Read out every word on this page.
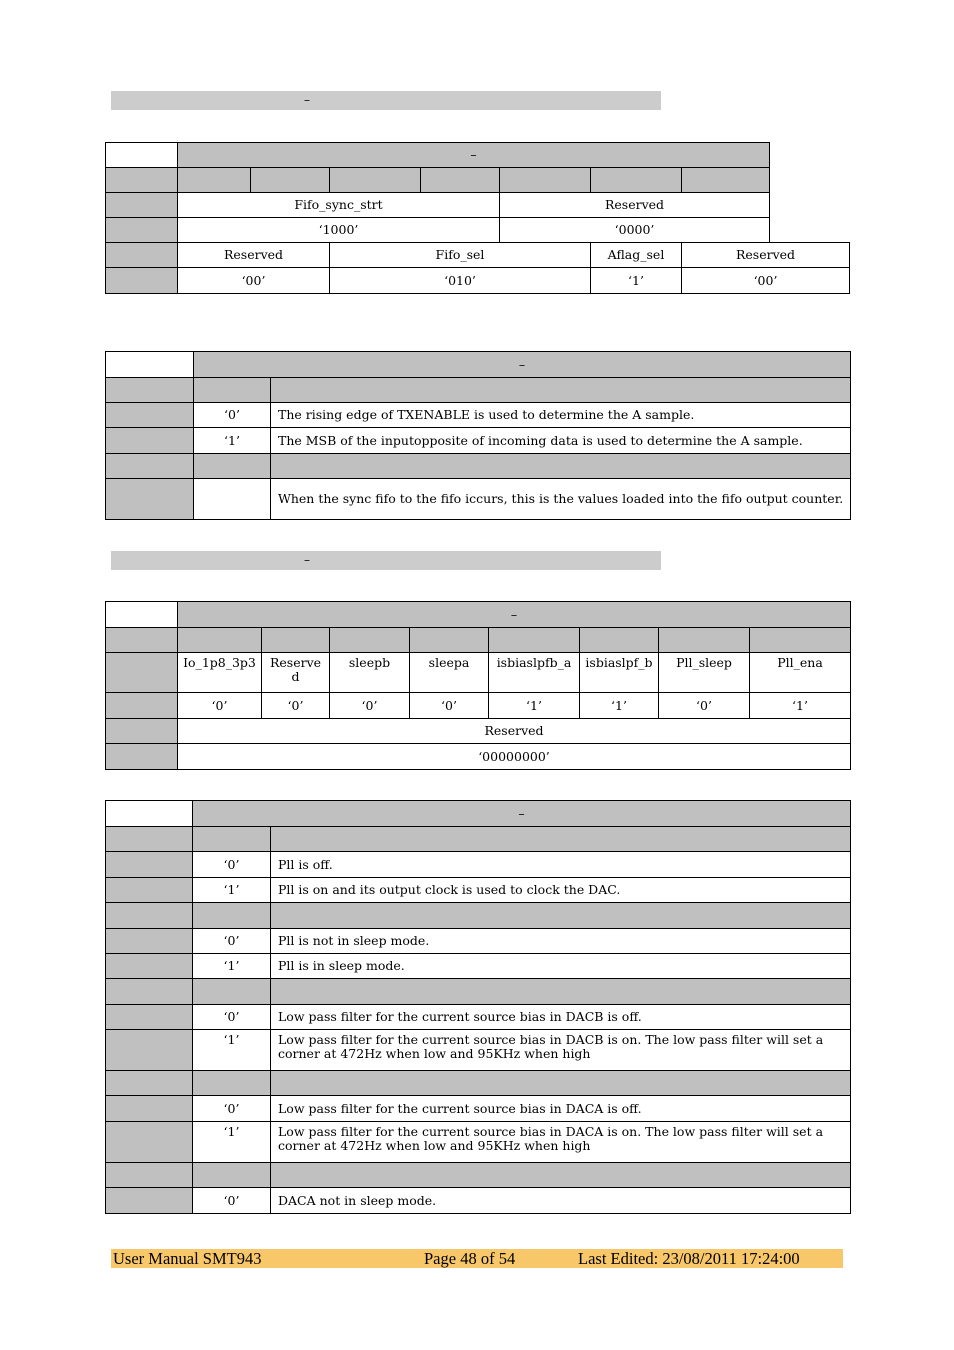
–
	–						

	Fifo_sync_strt				Reserved		
	‘1000’				‘0000’		
	Reserved		Fifo_sel			Aflag_sel	Reserved
	‘00’		‘010’			‘1’	‘00’
	–	

	‘0’	The rising edge of TXENABLE is used to determine the A sample.
	‘1’	The MSB of the inputopposite of incoming data is used to determine the A sample.

		When the sync fifo to the fifo iccurs, this is the values loaded into the fifo output counter.
–
	–							

	Io_1p8_3p3	Reserved	sleepb	sleepa	isbiaslpfb_a	isbiaslpf_b	Pll_sleep	Pll_ena
	‘0’	‘0’	‘0’	‘0’	‘1’	‘1’	‘0’	‘1’
	Reserved							
	‘00000000’							
	–	

	‘0’	Pll is off.
	‘1’	Pll is on and its output clock is used to clock the DAC.

	‘0’	Pll is not in sleep mode.
	‘1’	Pll is in sleep mode.

	‘0’	Low pass filter for the current source bias in DACB is off.
	‘1’	Low pass filter for the current source bias in DACB is on. The low pass filter will set a corner at 472Hz when low and 95KHz when high

	‘0’	Low pass filter for the current source bias in DACA is off.
	‘1’	Low pass filter for the current source bias in DACA is on. The low pass filter will set a corner at 472Hz when low and 95KHz when high

	‘0’	DACA not in sleep mode.
User Manual SMT943	Page 48 of 54	Last Edited: 23/08/2011 17:24:00
